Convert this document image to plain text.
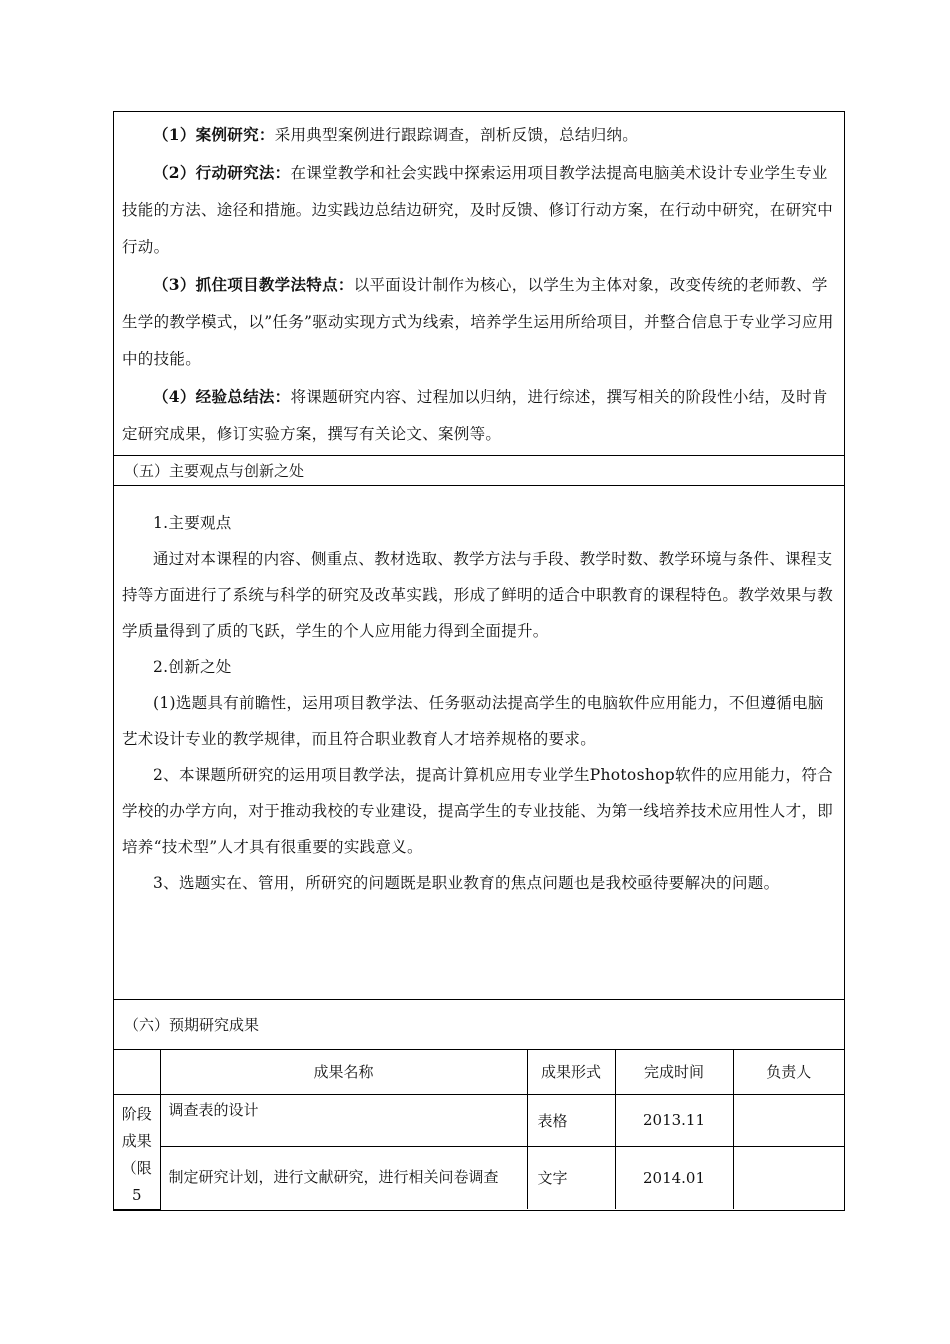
（1）案例研究：采用典型案例进行跟踪调查，剖析反馈，总结归纳。

（2）行动研究法：在课堂教学和社会实践中探索运用项目教学法提高电脑美术设计专业学生专业技能的方法、途径和措施。边实践边总结边研究，及时反馈、修订行动方案，在行动中研究，在研究中行动。

（3）抓住项目教学法特点：以平面设计制作为核心，以学生为主体对象，改变传统的老师教、学生学的教学模式，以”任务”驱动实现方式为线索，培养学生运用所给项目，并整合信息于专业学习应用中的技能。

（4）经验总结法：将课题研究内容、过程加以归纳，进行综述，撰写相关的阶段性小结，及时肯定研究成果，修订实验方案，撰写有关论文、案例等。

（五）主要观点与创新之处

1.主要观点

通过对本课程的内容、侧重点、教材选取、教学方法与手段、教学时数、教学环境与条件、课程支持等方面进行了系统与科学的研究及改革实践，形成了鲜明的适合中职教育的课程特色。教学效果与教学质量得到了质的飞跃，学生的个人应用能力得到全面提升。

2.创新之处

(1)选题具有前瞻性，运用项目教学法、任务驱动法提高学生的电脑软件应用能力，不但遵循电脑艺术设计专业的教学规律，而且符合职业教育人才培养规格的要求。

2、本课题所研究的运用项目教学法，提高计算机应用专业学生Photoshop软件的应用能力，符合学校的办学方向，对于推动我校的专业建设，提高学生的专业技能、为第一线培养技术应用性人才，即培养“技术型”人才具有很重要的实践意义。

3、选题实在、管用，所研究的问题既是职业教育的焦点问题也是我校亟待要解决的问题。

（六）预期研究成果
	成果名称	成果形式	完成时间	负责人

阶段
成果
（限
5	调查表的设计	表格	2013.11	
	制定研究计划，进行文献研究，进行相关问卷调查	文字	2014.01	
